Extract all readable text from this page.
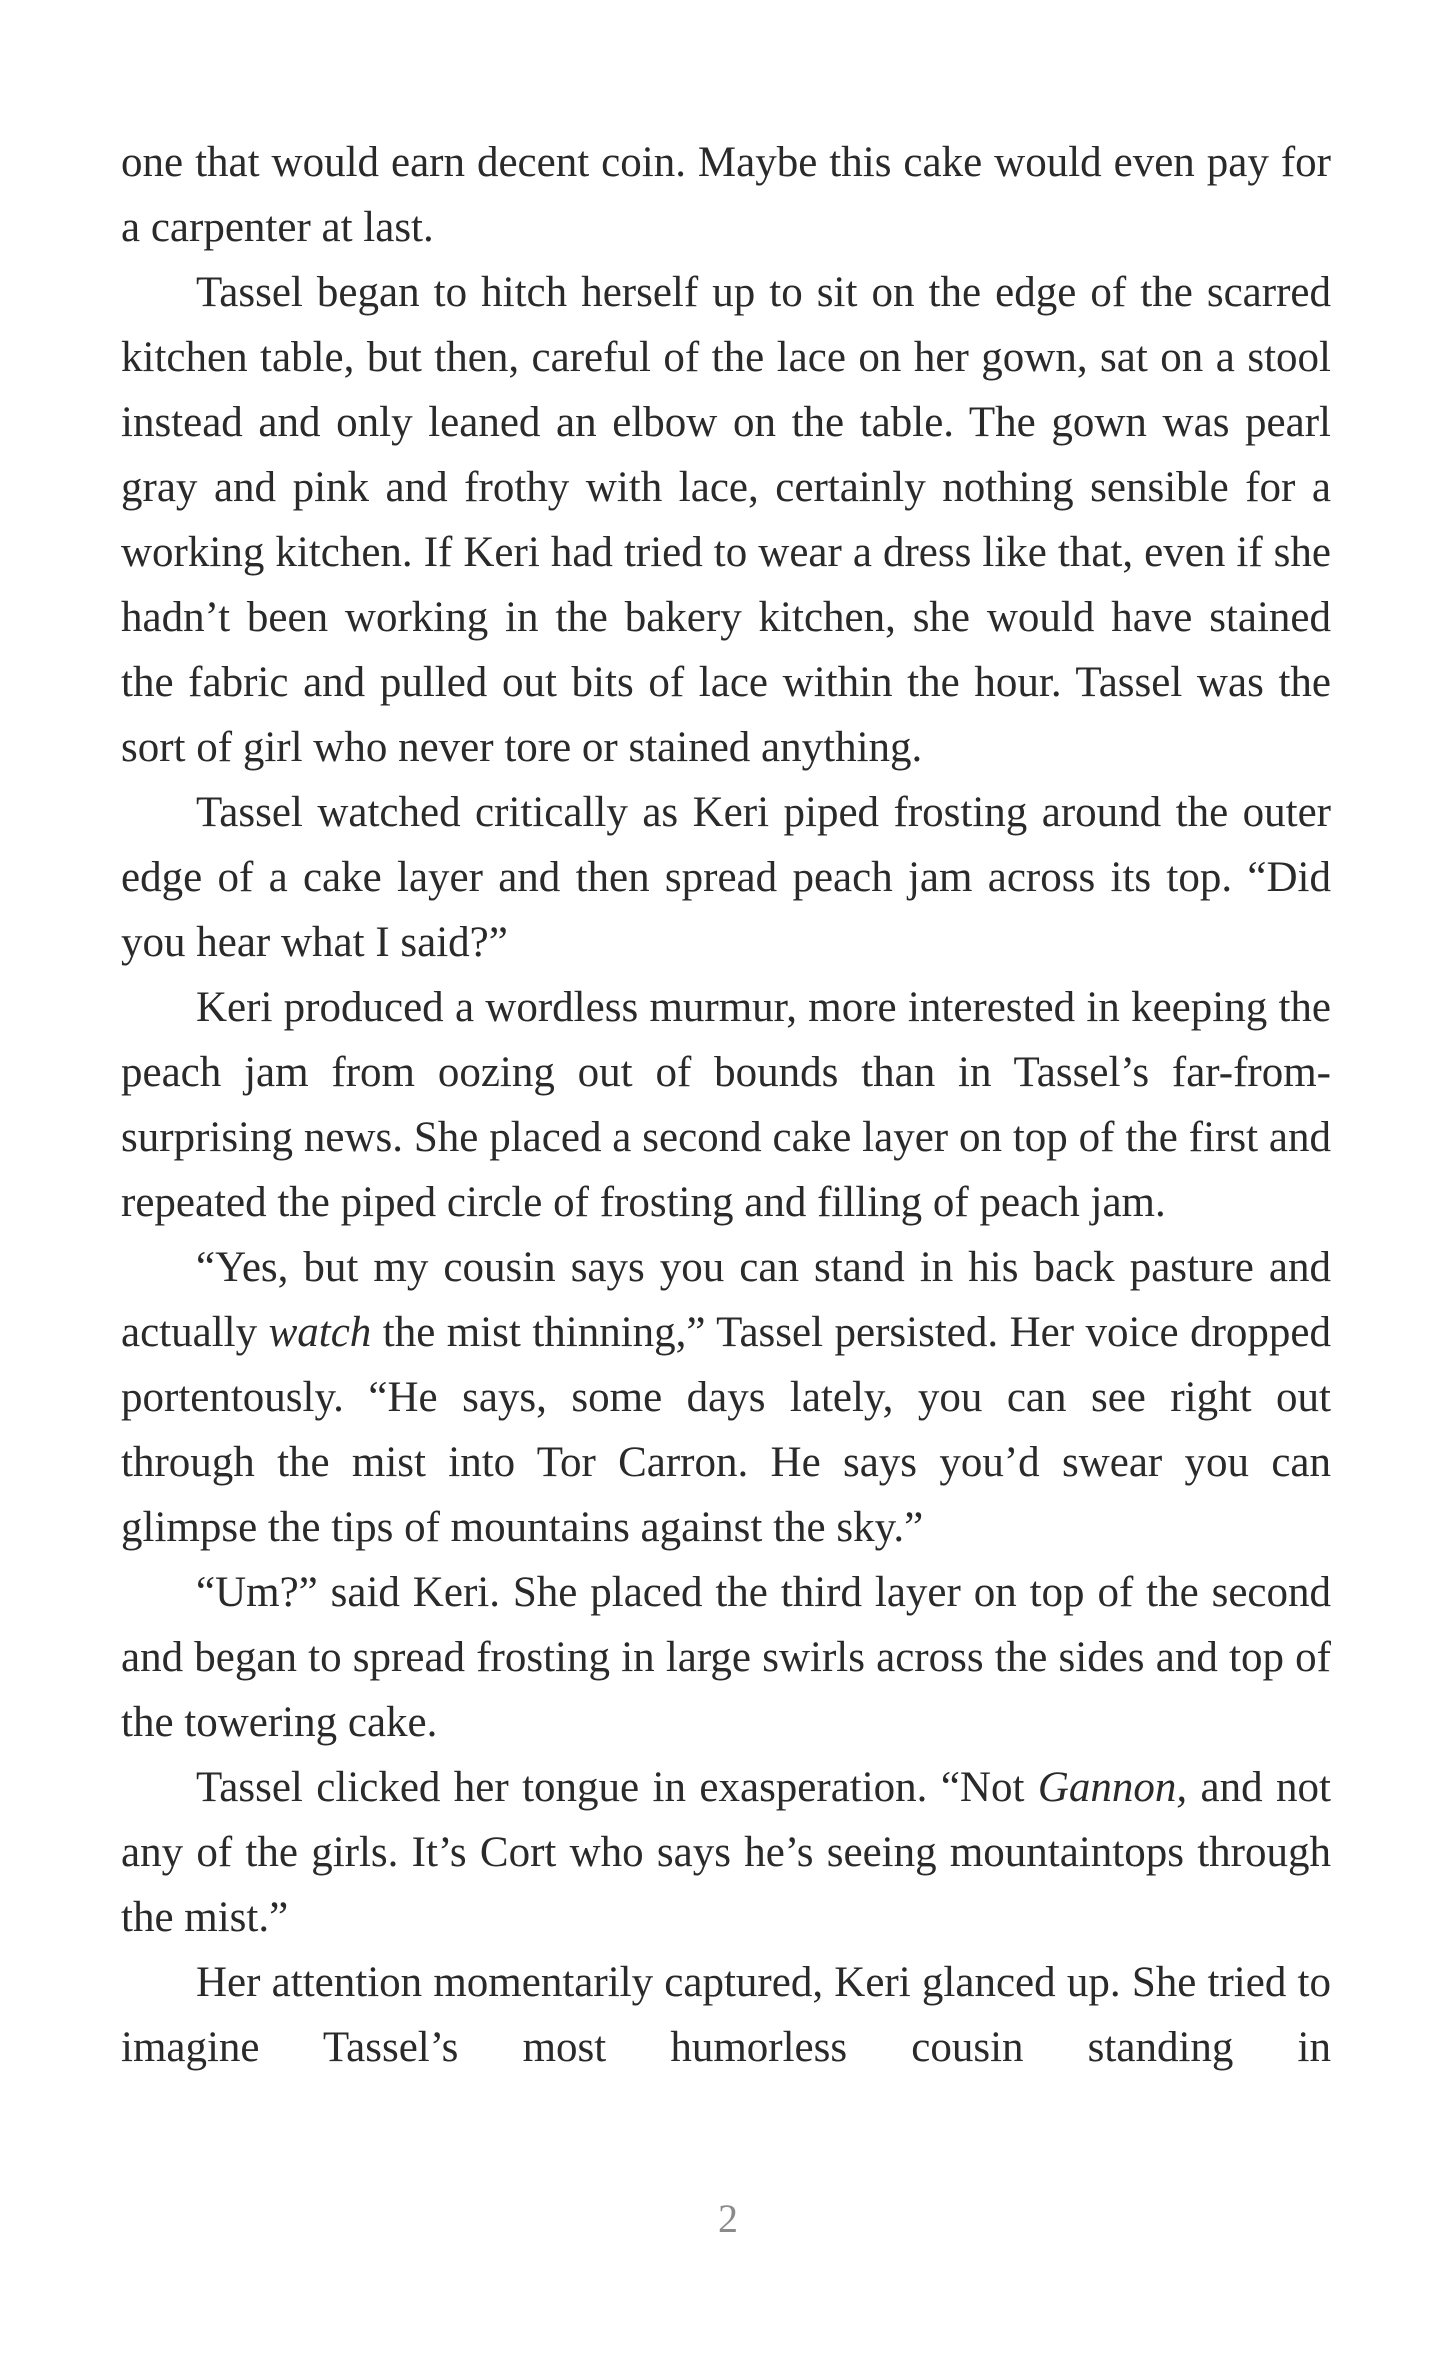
one that would earn decent coin. Maybe this cake would even pay for a carpenter at last.

Tassel began to hitch herself up to sit on the edge of the scarred kitchen table, but then, careful of the lace on her gown, sat on a stool instead and only leaned an elbow on the table. The gown was pearl gray and pink and frothy with lace, certainly nothing sensible for a working kitchen. If Keri had tried to wear a dress like that, even if she hadn’t been working in the bakery kitchen, she would have stained the fabric and pulled out bits of lace within the hour. Tassel was the sort of girl who never tore or stained anything.

Tassel watched critically as Keri piped frosting around the outer edge of a cake layer and then spread peach jam across its top. “Did you hear what I said?”

Keri produced a wordless murmur, more interested in keeping the peach jam from oozing out of bounds than in Tassel’s far-from-surprising news. She placed a second cake layer on top of the first and repeated the piped circle of frosting and filling of peach jam.

“Yes, but my cousin says you can stand in his back pasture and actually watch the mist thinning,” Tassel persisted. Her voice dropped portentously. “He says, some days lately, you can see right out through the mist into Tor Carron. He says you’d swear you can glimpse the tips of mountains against the sky.”

“Um?” said Keri. She placed the third layer on top of the second and began to spread frosting in large swirls across the sides and top of the towering cake.

Tassel clicked her tongue in exasperation. “Not Gannon, and not any of the girls. It’s Cort who says he’s seeing mountaintops through the mist.”

Her attention momentarily captured, Keri glanced up. She tried to imagine Tassel’s most humorless cousin standing in

2
